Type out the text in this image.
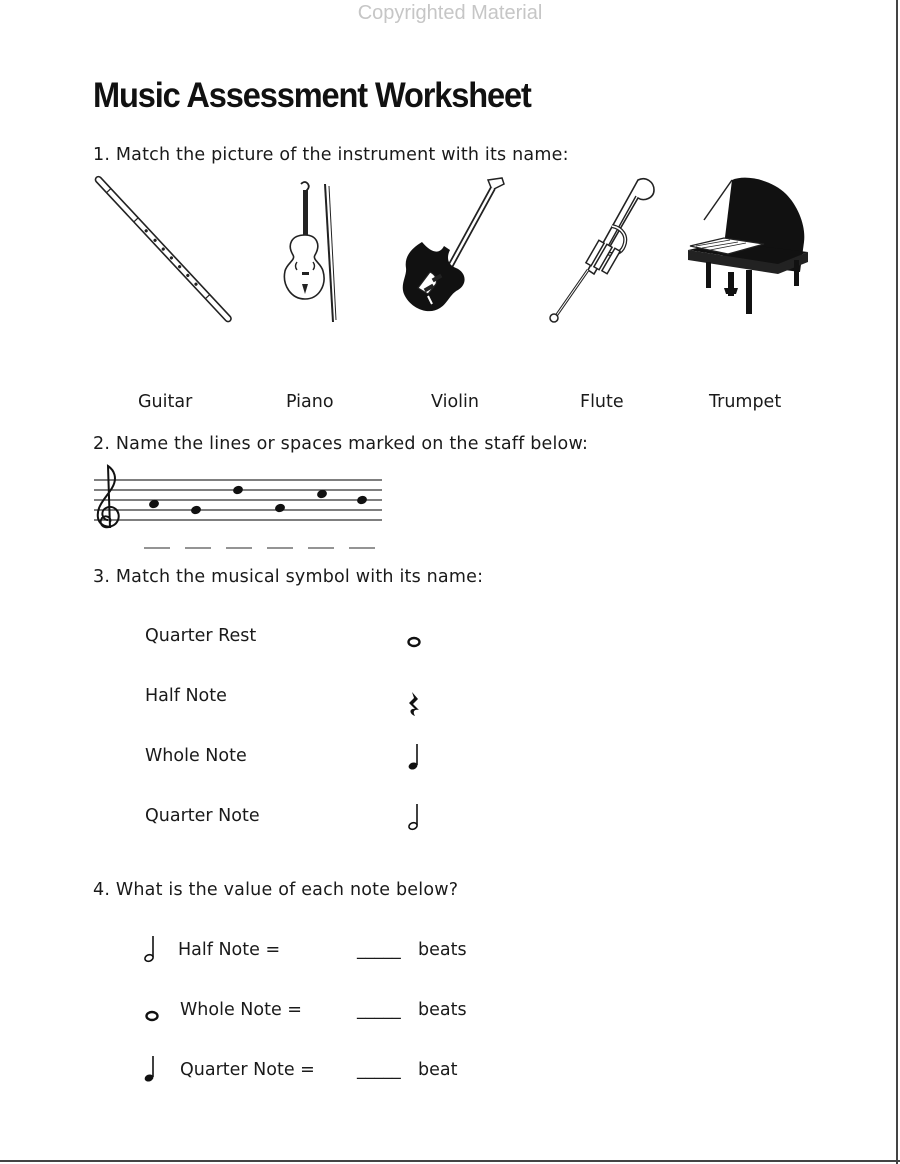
Copyrighted Material
Music Assessment Worksheet
1. Match the picture of the instrument with its name:
Guitar	Piano	Violin	Flute	Trumpet
2. Name the lines or spaces marked on the staff below:
3. Match the musical symbol with its name:
Quarter Rest
Half Note
Whole Note
Quarter Note
4. What is the value of each note below?
Half Note =	_____ beats
Whole Note =	_____ beats
Quarter Note = _____ beat
